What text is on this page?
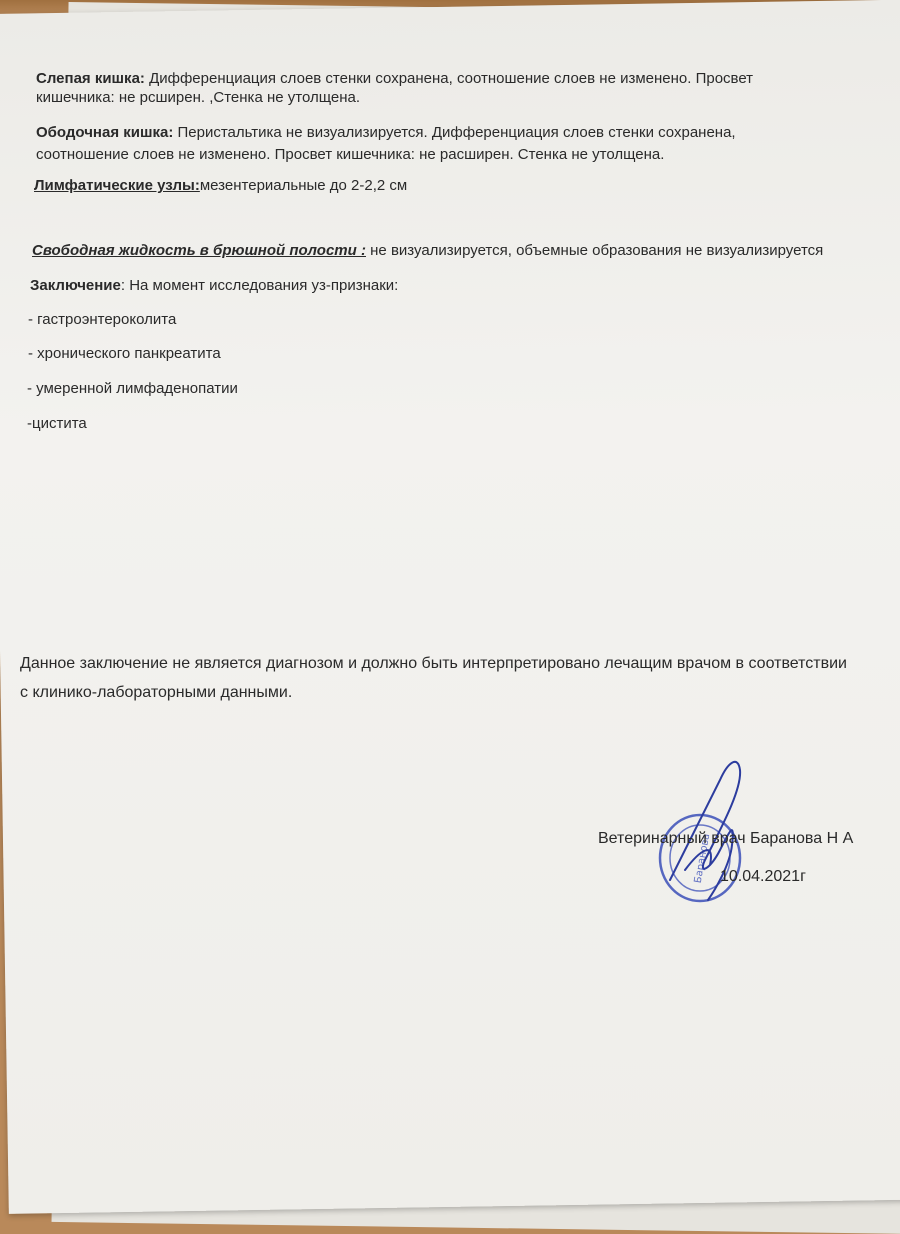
Слепая кишка: Дифференциация слоев стенки сохранена, соотношение слоев не изменено. Просвет
кишечника: не рсширен. ,Стенка не утолщена.
Ободочная кишка: Перистальтика не визуализируется. Дифференциация слоев стенки сохранена,
соотношение слоев не изменено. Просвет кишечника: не расширен. Стенка не утолщена.
Лимфатические узлы:мезентериальные до 2-2,2 см
Свободная жидкость в брюшной полости : не визуализируется, объемные образования не визуализируется
Заключение: На момент исследования уз-признаки:
- гастроэнтероколита
- хронического панкреатита
- умеренной лимфаденопатии
-цистита
Данное заключение не является диагнозом и должно быть интерпретировано лечащим врачом в соответствии
с клинико-лабораторными данными.
Баранова
Ветеринарный врач Баранова Н А
10.04.2021г
